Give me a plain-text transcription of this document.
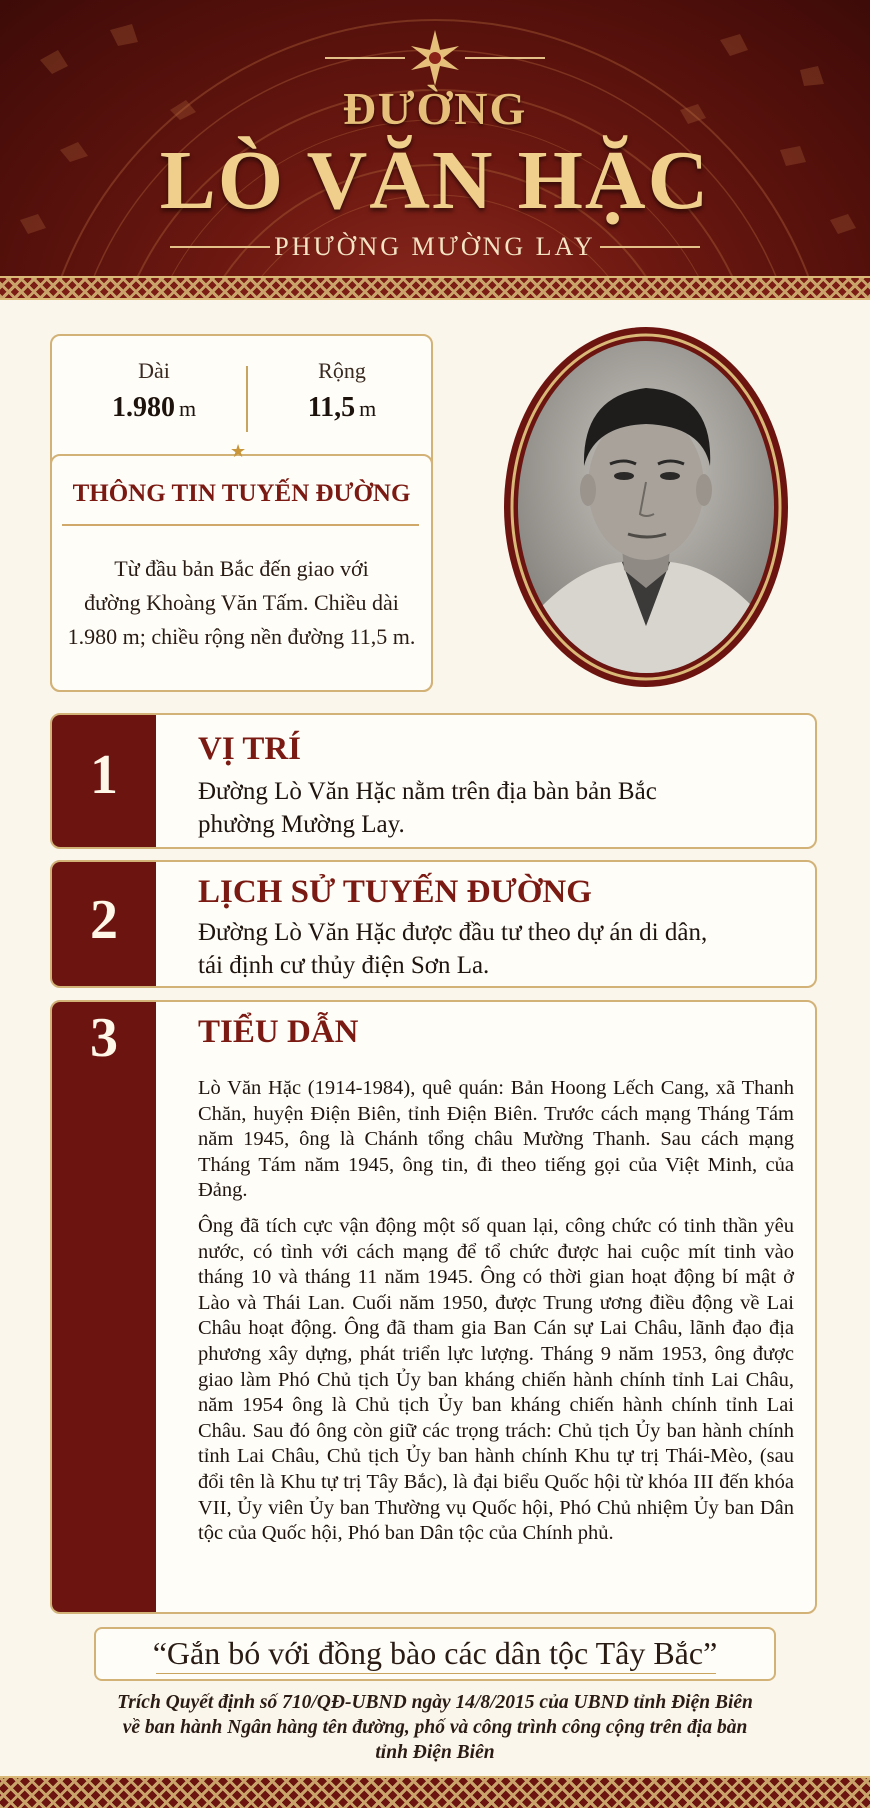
ĐƯỜNG
LÒ VĂN HẶC
PHƯỜNG MƯỜNG LAY
Dài
1.980 m
Rộng
11,5 m
★
THÔNG TIN TUYẾN ĐƯỜNG
Từ đầu bản Bắc đến giao với
đường Khoàng Văn Tấm. Chiều dài
1.980 m; chiều rộng nền đường 11,5 m.
1	VỊ TRÍ
Đường Lò Văn Hặc nằm trên địa bàn bản Bắc
phường Mường Lay.
2	LỊCH SỬ TUYẾN ĐƯỜNG
Đường Lò Văn Hặc được đầu tư theo dự án di dân,
tái định cư thủy điện Sơn La.
3	TIỂU DẪN

Lò Văn Hặc (1914-1984), quê quán: Bản Hoong Lếch Cang, xã Thanh Chăn, huyện Điện Biên, tỉnh Điện Biên. Trước cách mạng Tháng Tám năm 1945, ông là Chánh tổng châu Mường Thanh. Sau cách mạng Tháng Tám năm 1945, ông tin, đi theo tiếng gọi của Việt Minh, của Đảng.

Ông đã tích cực vận động một số quan lại, công chức có tinh thần yêu nước, có tình với cách mạng để tổ chức được hai cuộc mít tinh vào tháng 10 và tháng 11 năm 1945. Ông có thời gian hoạt động bí mật ở Lào và Thái Lan. Cuối năm 1950, được Trung ương điều động về Lai Châu hoạt động. Ông đã tham gia Ban Cán sự Lai Châu, lãnh đạo địa phương xây dựng, phát triển lực lượng. Tháng 9 năm 1953, ông được giao làm Phó Chủ tịch Ủy ban kháng chiến hành chính tỉnh Lai Châu, năm 1954 ông là Chủ tịch Ủy ban kháng chiến hành chính tỉnh Lai Châu. Sau đó ông còn giữ các trọng trách: Chủ tịch Ủy ban hành chính tỉnh Lai Châu, Chủ tịch Ủy ban hành chính Khu tự trị Thái-Mèo, (sau đổi tên là Khu tự trị Tây Bắc), là đại biểu Quốc hội từ khóa III đến khóa VII, Ủy viên Ủy ban Thường vụ Quốc hội, Phó Chủ nhiệm Ủy ban Dân tộc của Quốc hội, Phó ban Dân tộc của Chính phủ.

“Gắn bó với đồng bào các dân tộc Tây Bắc”
Trích Quyết định số 710/QĐ-UBND ngày 14/8/2015 của UBND tỉnh Điện Biên
về ban hành Ngân hàng tên đường, phố và công trình công cộng trên địa bàn
tỉnh Điện Biên
